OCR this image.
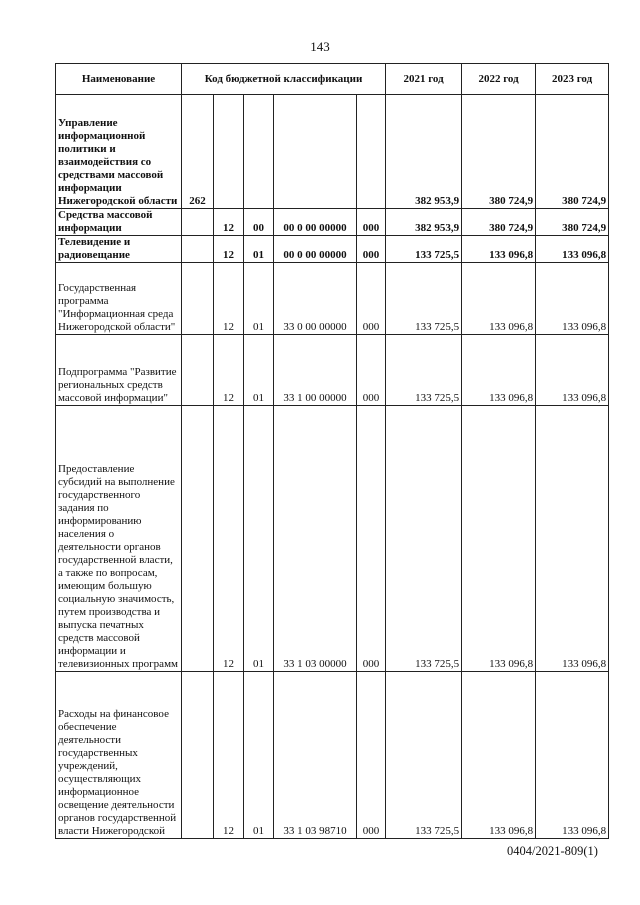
143
Наименование	Код бюджетной классификации					2021 год	2022 год	2023 год
Управление информационной политики и взаимодействия со средствами массовой информации Нижегородской области	262					382 953,9	380 724,9	380 724,9
Средства массовой информации		12	00	00 0 00 00000	000	382 953,9	380 724,9	380 724,9
Телевидение и радиовещание		12	01	00 0 00 00000	000	133 725,5	133 096,8	133 096,8
Государственная программа "Информационная среда Нижегородской области"		12	01	33 0 00 00000	000	133 725,5	133 096,8	133 096,8
Подпрограмма "Развитие региональных средств массовой информации"		12	01	33 1 00 00000	000	133 725,5	133 096,8	133 096,8
Предоставление субсидий на выполнение государственного задания по информированию населения о деятельности органов государственной власти, а также по вопросам, имеющим большую социальную значимость, путем производства и выпуска печатных средств массовой информации и телевизионных программ		12	01	33 1 03 00000	000	133 725,5	133 096,8	133 096,8
Расходы на финансовое обеспечение деятельности государственных учреждений, осуществляющих информационное освещение деятельности органов государственной власти Нижегородской		12	01	33 1 03 98710	000	133 725,5	133 096,8	133 096,8
0404/2021-809(1)
